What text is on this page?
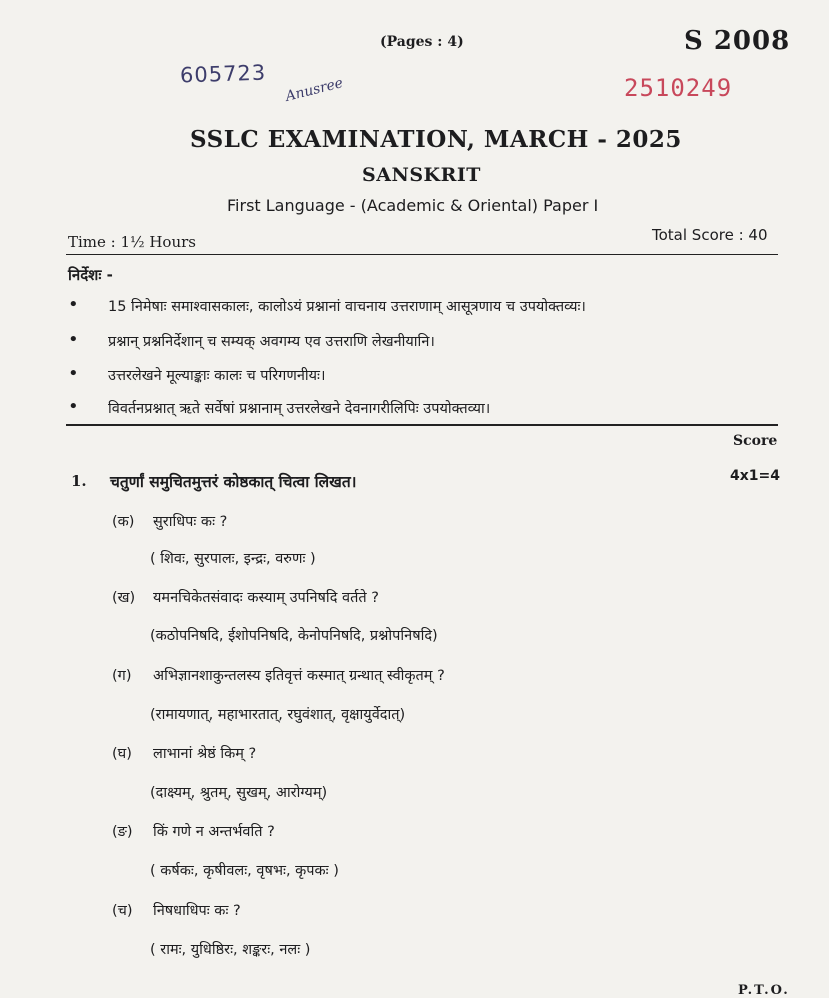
(Pages : 4)	S 2008
605723
Anusree	2510249
SSLC EXAMINATION, MARCH - 2025
SANSKRIT
First Language - (Academic & Oriental) Paper I
Time : 1½ Hours	Total Score : 40
निर्देशः -
• 15 निमेषाः समाश्वासकालः, कालोऽयं प्रश्नानां वाचनाय उत्तराणाम् आसूत्रणाय च उपयोक्तव्यः।
• प्रश्नान् प्रश्ननिर्देशान् च सम्यक् अवगम्य एव उत्तराणि लेखनीयानि।
• उत्तरलेखने मूल्याङ्काः कालः च परिगणनीयः।
• विवर्तनप्रश्नात् ऋते सर्वेषां प्रश्नानाम् उत्तरलेखने देवनागरीलिपिः उपयोक्तव्या।
Score
1. चतुर्णां समुचितमुत्तरं कोष्ठकात् चित्वा लिखत।	4x1=4
(क) सुराधिपः कः ?
( शिवः, सुरपालः, इन्द्रः, वरुणः )
(ख) यमनचिकेतसंवादः कस्याम् उपनिषदि वर्तते ?
(कठोपनिषदि, ईशोपनिषदि, केनोपनिषदि, प्रश्नोपनिषदि)
(ग) अभिज्ञानशाकुन्तलस्य इतिवृत्तं कस्मात् ग्रन्थात् स्वीकृतम् ?
(रामायणात्, महाभारतात्, रघुवंशात्, वृक्षायुर्वेदात्)
(घ) लाभानां श्रेष्ठं किम् ?
(दाक्ष्यम्, श्रुतम्, सुखम्, आरोग्यम्)
(ङ) किं गणे न अन्तर्भवति ?
( कर्षकः, कृषीवलः, वृषभः, कृपकः )
(च) निषधाधिपः कः ?
( रामः, युधिष्ठिरः, शङ्करः, नलः )
P.T.O.
